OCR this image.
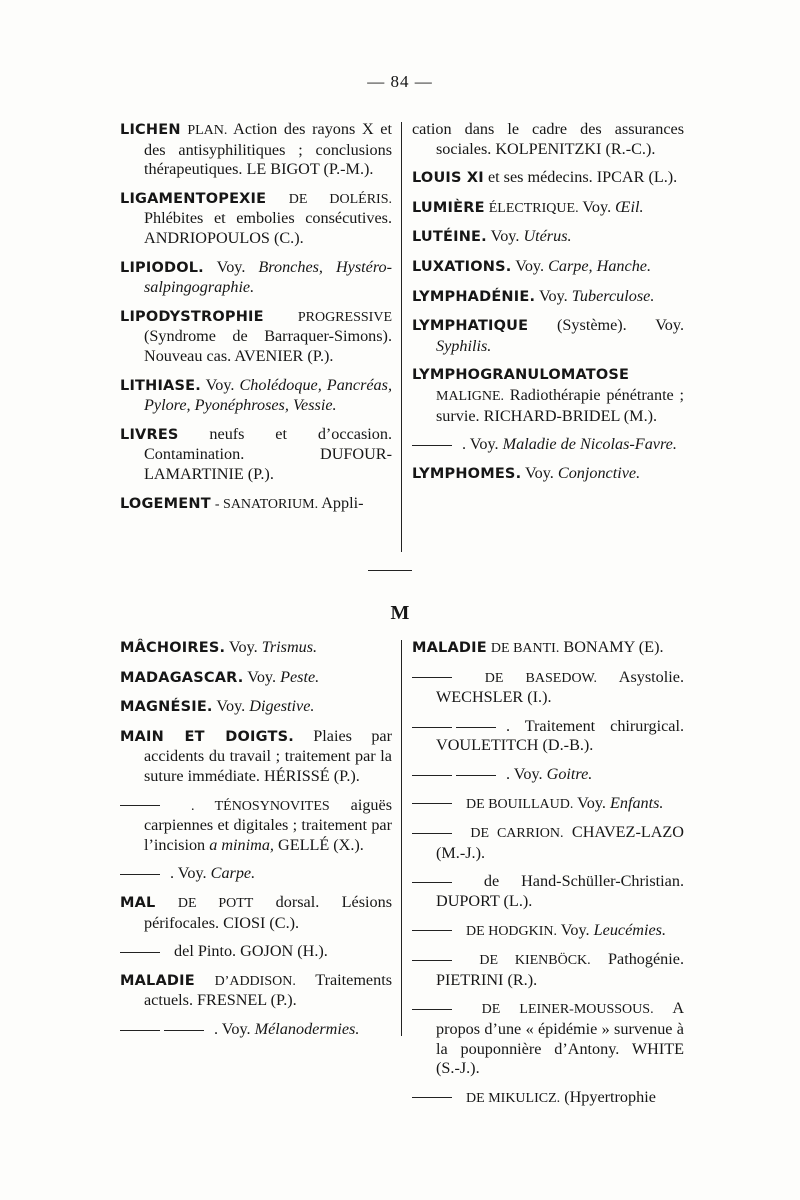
— 84 —
LICHEN PLAN. Action des rayons X et des antisyphilitiques ; conclusions thérapeutiques. LE BIGOT (P.-M.).
LIGAMENTOPEXIE DE DOLÉRIS. Phlébites et embolies consécutives. ANDRIOPOULOS (C.).
LIPIODOL. Voy. Bronches, Hystéro-salpingographie.
LIPODYSTROPHIE PROGRESSIVE (Syndrome de Barraquer-Simons). Nouveau cas. AVENIER (P.).
LITHIASE. Voy. Cholédoque, Pancréas, Pylore, Pyonéphroses, Vessie.
LIVRES neufs et d’occasion. Contamination. DUFOUR-LAMARTINIE (P.).
LOGEMENT - SANATORIUM. Appli-
cation dans le cadre des assurances sociales. KOLPENITZKI (R.-C.).
LOUIS XI et ses médecins. IPCAR (L.).
LUMIÈRE ÉLECTRIQUE. Voy. Œil.
LUTÉINE. Voy. Utérus.
LUXATIONS. Voy. Carpe, Hanche.
LYMPHADÉNIE. Voy. Tuberculose.
LYMPHATIQUE (Système). Voy. Syphilis.
LYMPHOGRANULOMATOSE MALIGNE. Radiothérapie pénétrante ; survie. RICHARD-BRIDEL (M.).
. Voy. Maladie de Nicolas-Favre.
LYMPHOMES. Voy. Conjonctive.
M
MÂCHOIRES. Voy. Trismus.
MADAGASCAR. Voy. Peste.
MAGNÉSIE. Voy. Digestive.
MAIN ET DOIGTS. Plaies par accidents du travail ; traitement par la suture immédiate. HÉRISSÉ (P.).
. TÉNOSYNOVITES aiguës carpiennes et digitales ; traitement par l’incision a minima, GELLÉ (X.).
. Voy. Carpe.
MAL DE POTT dorsal. Lésions périfocales. CIOSI (C.).
del Pinto. GOJON (H.).
MALADIE D’ADDISON. Traitements actuels. FRESNEL (P.).
. Voy. Mélanodermies.
MALADIE DE BANTI. BONAMY (E).
DE BASEDOW. Asystolie. WECHSLER (I.).
. Traitement chirurgical. VOULETITCH (D.-B.).
. Voy. Goitre.
DE BOUILLAUD. Voy. Enfants.
DE CARRION. CHAVEZ-LAZO (M.-J.).
de Hand-Schüller-Christian. DUPORT (L.).
DE HODGKIN. Voy. Leucémies.
DE KIENBÖCK. Pathogénie. PIETRINI (R.).
DE LEINER-MOUSSOUS. A propos d’une « épidémie » survenue à la pouponnière d’Antony. WHITE (S.-J.).
DE MIKULICZ. (Hpyertrophie
